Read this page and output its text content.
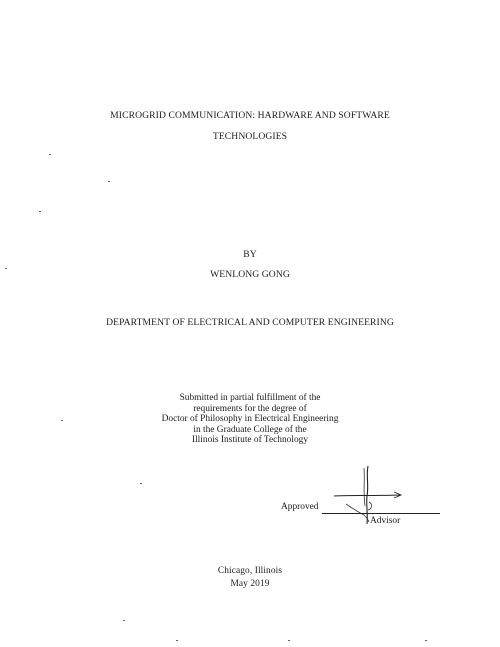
MICROGRID COMMUNICATION: HARDWARE AND SOFTWARE
TECHNOLOGIES
BY
WENLONG GONG
DEPARTMENT OF ELECTRICAL AND COMPUTER ENGINEERING
Submitted in partial fulfillment of the
requirements for the degree of
Doctor of Philosophy in Electrical Engineering
in the Graduate College of the
Illinois Institute of Technology
Approved
Advisor
Chicago, Illinois
May 2019
